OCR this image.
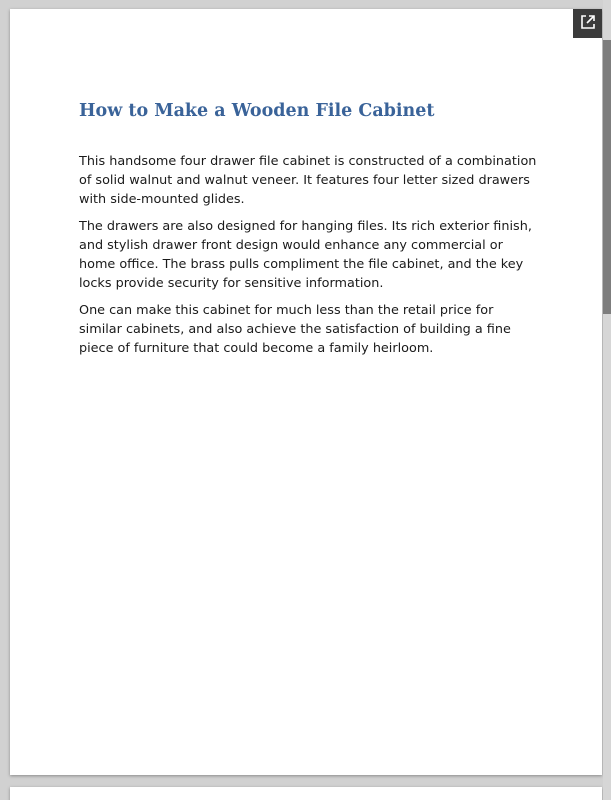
How to Make a Wooden File Cabinet

This handsome four drawer file cabinet is constructed of a combination of solid walnut and walnut veneer. It features four letter sized drawers with side-mounted glides.

The drawers are also designed for hanging files. Its rich exterior finish, and stylish drawer front design would enhance any commercial or home office. The brass pulls compliment the file cabinet, and the key locks provide security for sensitive information.

One can make this cabinet for much less than the retail price for similar cabinets, and also achieve the satisfaction of building a fine piece of furniture that could become a family heirloom.
